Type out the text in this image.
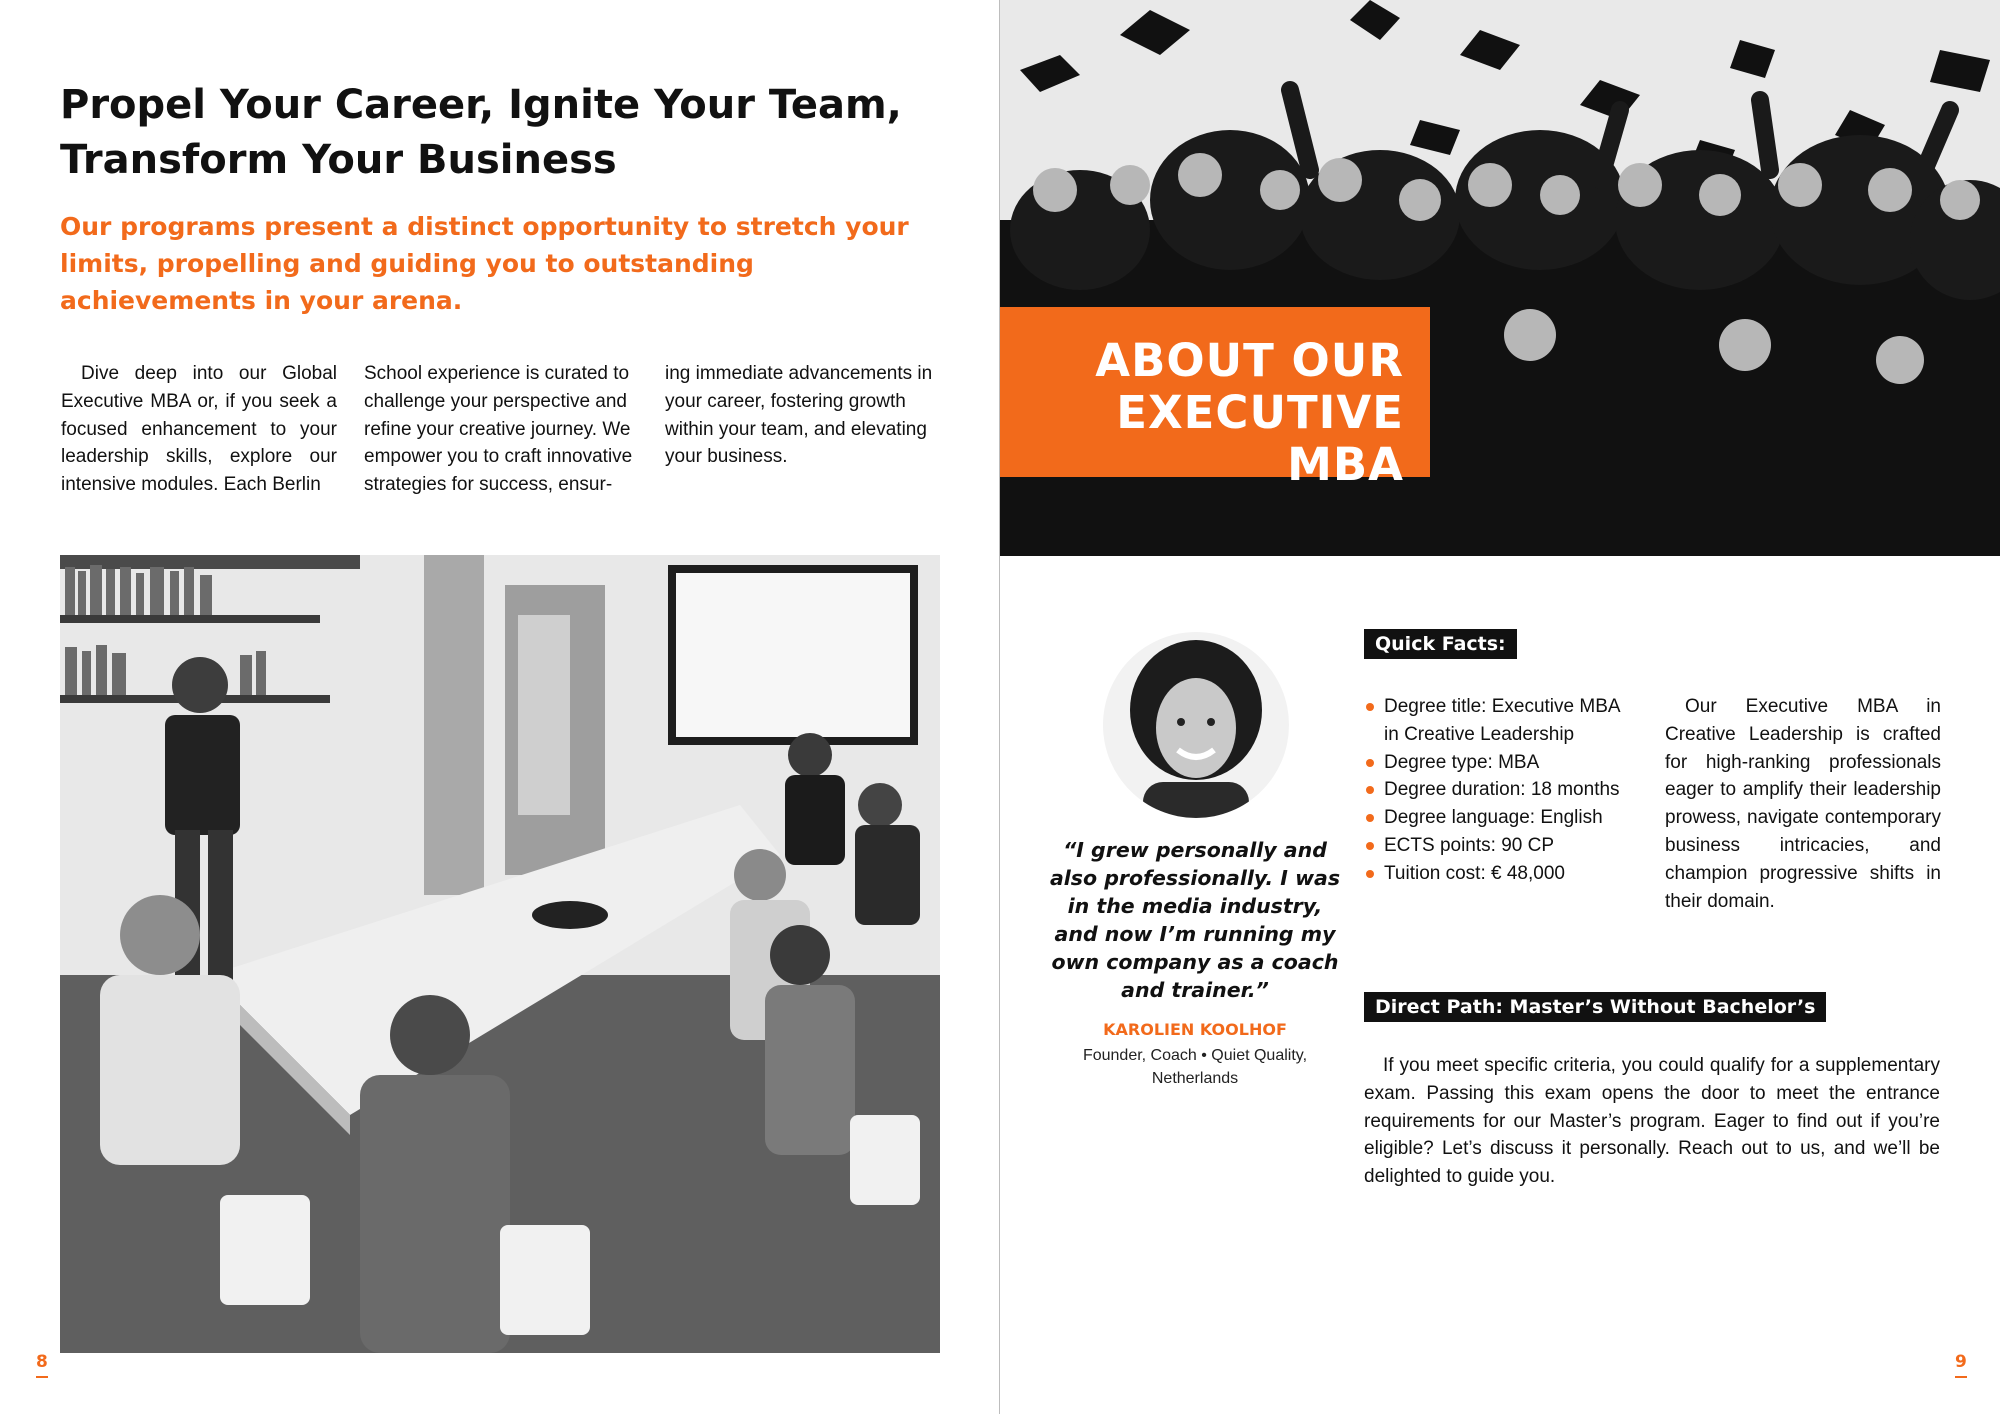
Propel Your Career, Ignite Your Team, Transform Your Business

Our programs present a distinct opportunity to stretch your limits, propelling and guiding you to outstanding achievements in your arena.

Dive deep into our Global Executive MBA or, if you seek a focused enhancement to your leadership skills, explore our intensive modules. Each Berlin

School experience is curated to challenge your perspective and refine your creative journey. We empower you to craft innovative strategies for success, ensur-

ing immediate advancements in your career, fostering growth within your team, and elevating your business.

8
ABOUT OUR
EXECUTIVE MBA

“I grew personally and also professionally. I was in the media industry, and now I’m running my own company as a coach and trainer.”

KAROLIEN KOOLHOF
Founder, Coach • Quiet Quality, Netherlands
Quick Facts:
Degree title: Executive MBA in Creative Leadership
Degree type: MBA
Degree duration: 18 months
Degree language: English
ECTS points: 90 CP
Tuition cost: € 48,000

Our Executive MBA in Creative Leadership is crafted for high-ranking professionals eager to amplify their leadership prowess, navigate contemporary business intricacies, and champion progressive shifts in their domain.

Direct Path: Master’s Without Bachelor’s

If you meet specific criteria, you could qualify for a supplementary exam. Passing this exam opens the door to meet the entrance requirements for our Master’s program. Eager to find out if you’re eligible? Let’s discuss it personally. Reach out to us, and we’ll be delighted to guide you.

9
